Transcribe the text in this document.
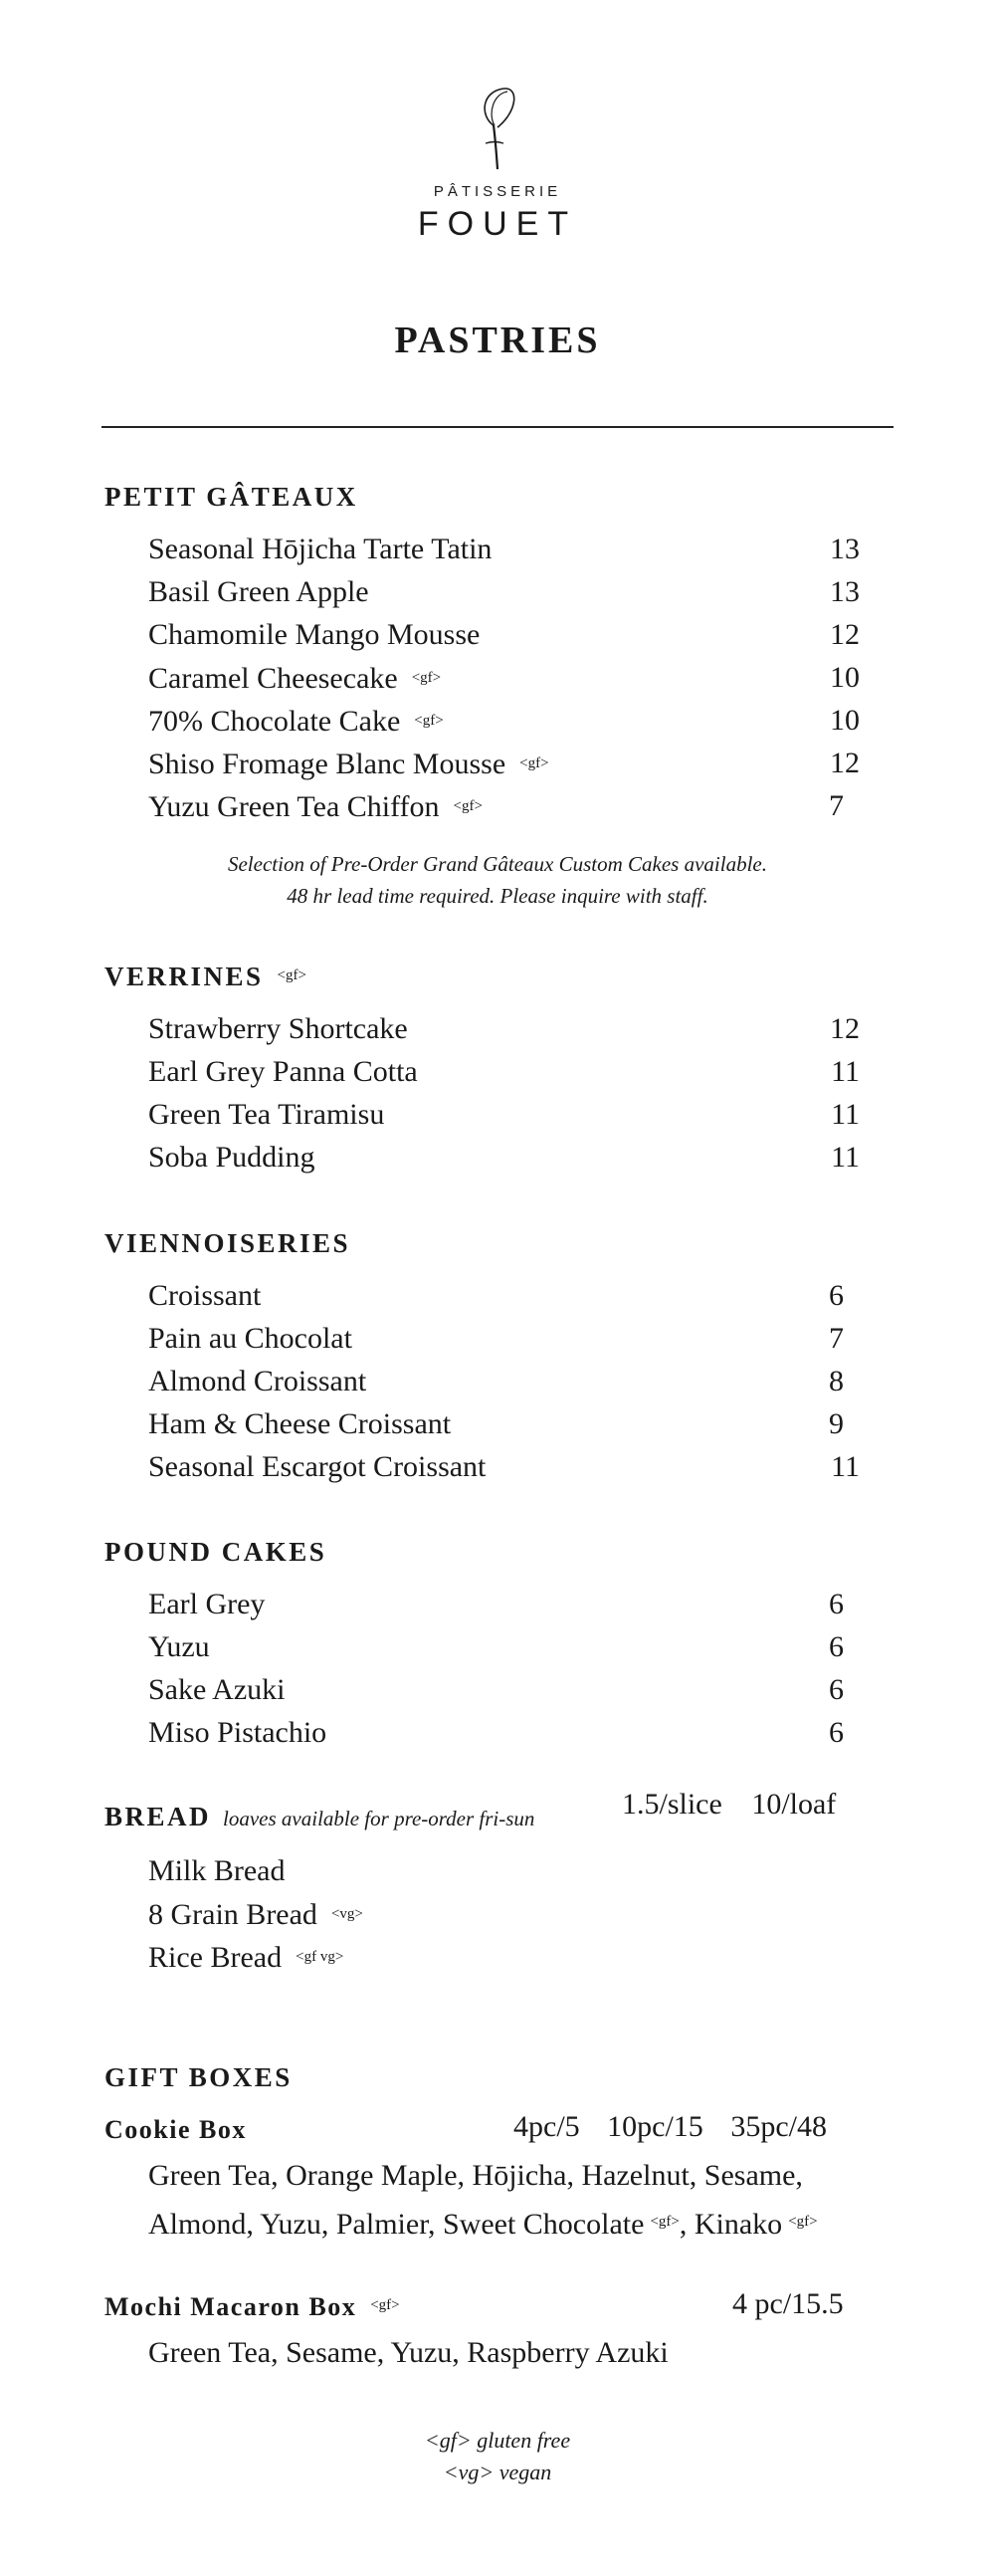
PÂTISSERIE
FOUET
PASTRIES
PETIT GÂTEAUX
Seasonal Hōjicha Tarte Tatin	13
Basil Green Apple	13
Chamomile Mango Mousse	12
Caramel Cheesecake $^{<gf>}$	10
70% Chocolate Cake $^{<gf>}$	10
Shiso Fromage Blanc Mousse $^{<gf>}$	12
Yuzu Green Tea Chiffon $^{<gf>}$	7
Selection of Pre-Order Grand Gâteaux Custom Cakes available.
48 hr lead time required. Please inquire with staff.
VERRINES $^{<gf>}$
Strawberry Shortcake	12
Earl Grey Panna Cotta	11
Green Tea Tiramisu	11
Soba Pudding	11
VIENNOISERIES
Croissant	6
Pain au Chocolat	7
Almond Croissant	8
Ham & Cheese Croissant	9
Seasonal Escargot Croissant	11
POUND CAKES
Earl Grey	6
Yuzu	6
Sake Azuki	6
Miso Pistachio	6
BREAD loaves available for pre-order fri-sun	1.5/slice 10/loaf
Milk Bread
8 Grain Bread $^{<vg>}$
Rice Bread $^{<gf vg>}$
GIFT BOXES
Cookie Box	4pc/5 10pc/15 35pc/48
Green Tea, Orange Maple, Hōjicha, Hazelnut, Sesame,
Almond, Yuzu, Palmier, Sweet Chocolate $^{<gf>}$, Kinako $^{<gf>}$
Mochi Macaron Box $^{<gf>}$	4 pc/15.5
Green Tea, Sesame, Yuzu, Raspberry Azuki
<gf> gluten free
<vg> vegan
